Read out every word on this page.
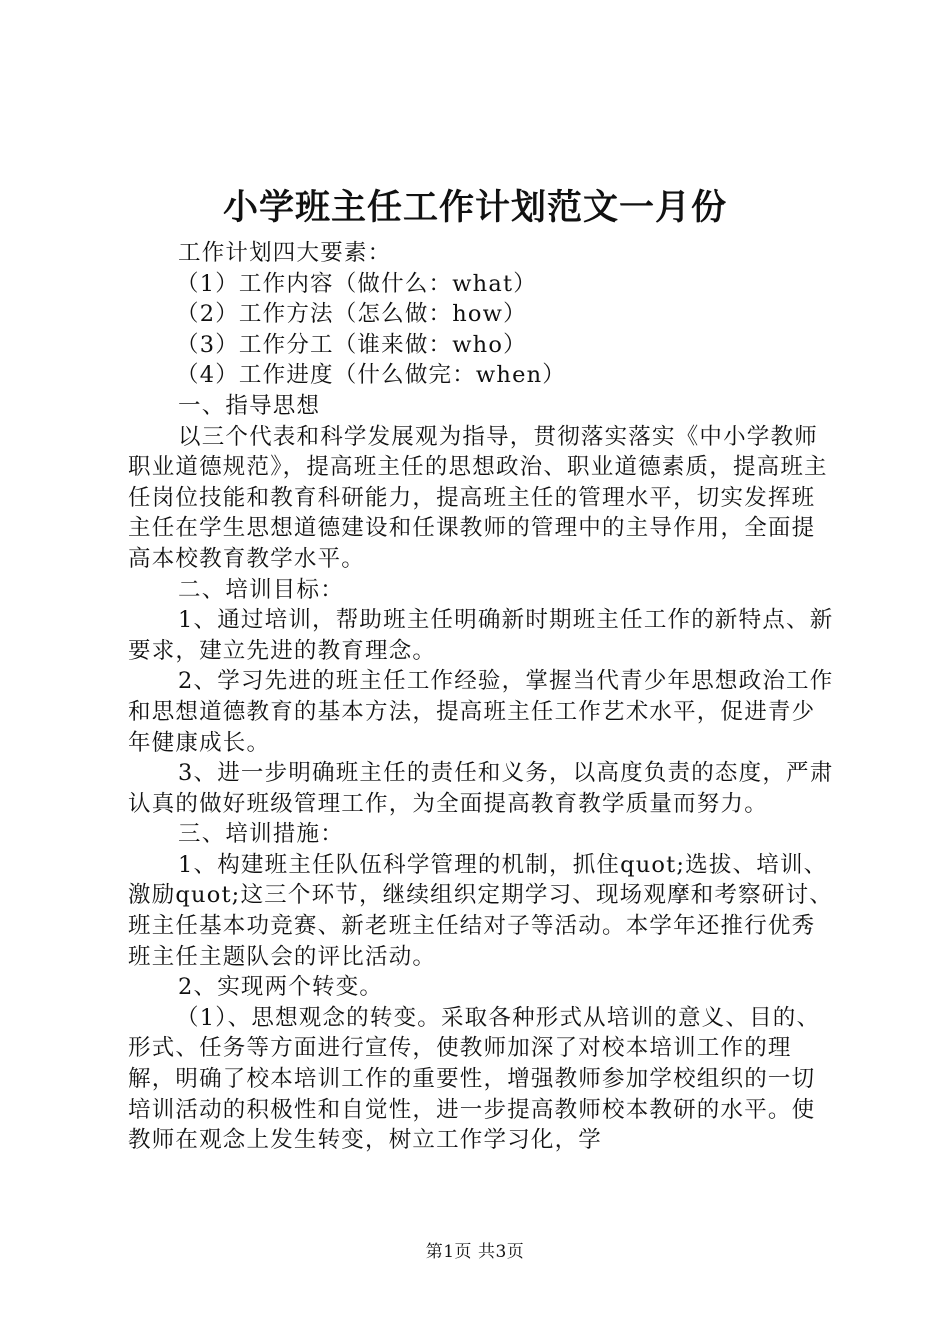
小学班主任工作计划范文一月份

工作计划四大要素：

（1）工作内容（做什么：what）

（2）工作方法（怎么做：how）

（3）工作分工（谁来做：who）

（4）工作进度（什么做完：when）

一、指导思想

以三个代表和科学发展观为指导，贯彻落实落实《中小学教师职业道德规范》，提高班主任的思想政治、职业道德素质，提高班主任岗位技能和教育科研能力，提高班主任的管理水平，切实发挥班主任在学生思想道德建设和任课教师的管理中的主导作用，全面提高本校教育教学水平。

二、培训目标：

1、通过培训，帮助班主任明确新时期班主任工作的新特点、新要求，建立先进的教育理念。

2、学习先进的班主任工作经验，掌握当代青少年思想政治工作和思想道德教育的基本方法，提高班主任工作艺术水平，促进青少年健康成长。

3、进一步明确班主任的责任和义务，以高度负责的态度，严肃认真的做好班级管理工作，为全面提高教育教学质量而努力。

三、培训措施：

1、构建班主任队伍科学管理的机制，抓住quot;选拔、培训、激励quot;这三个环节，继续组织定期学习、现场观摩和考察研讨、班主任基本功竞赛、新老班主任结对子等活动。本学年还推行优秀班主任主题队会的评比活动。

2、实现两个转变。

（1）、思想观念的转变。采取各种形式从培训的意义、目的、形式、任务等方面进行宣传，使教师加深了对校本培训工作的理解，明确了校本培训工作的重要性，增强教师参加学校组织的一切培训活动的积极性和自觉性，进一步提高教师校本教研的水平。使教师在观念上发生转变，树立工作学习化，学

第1页 共3页
